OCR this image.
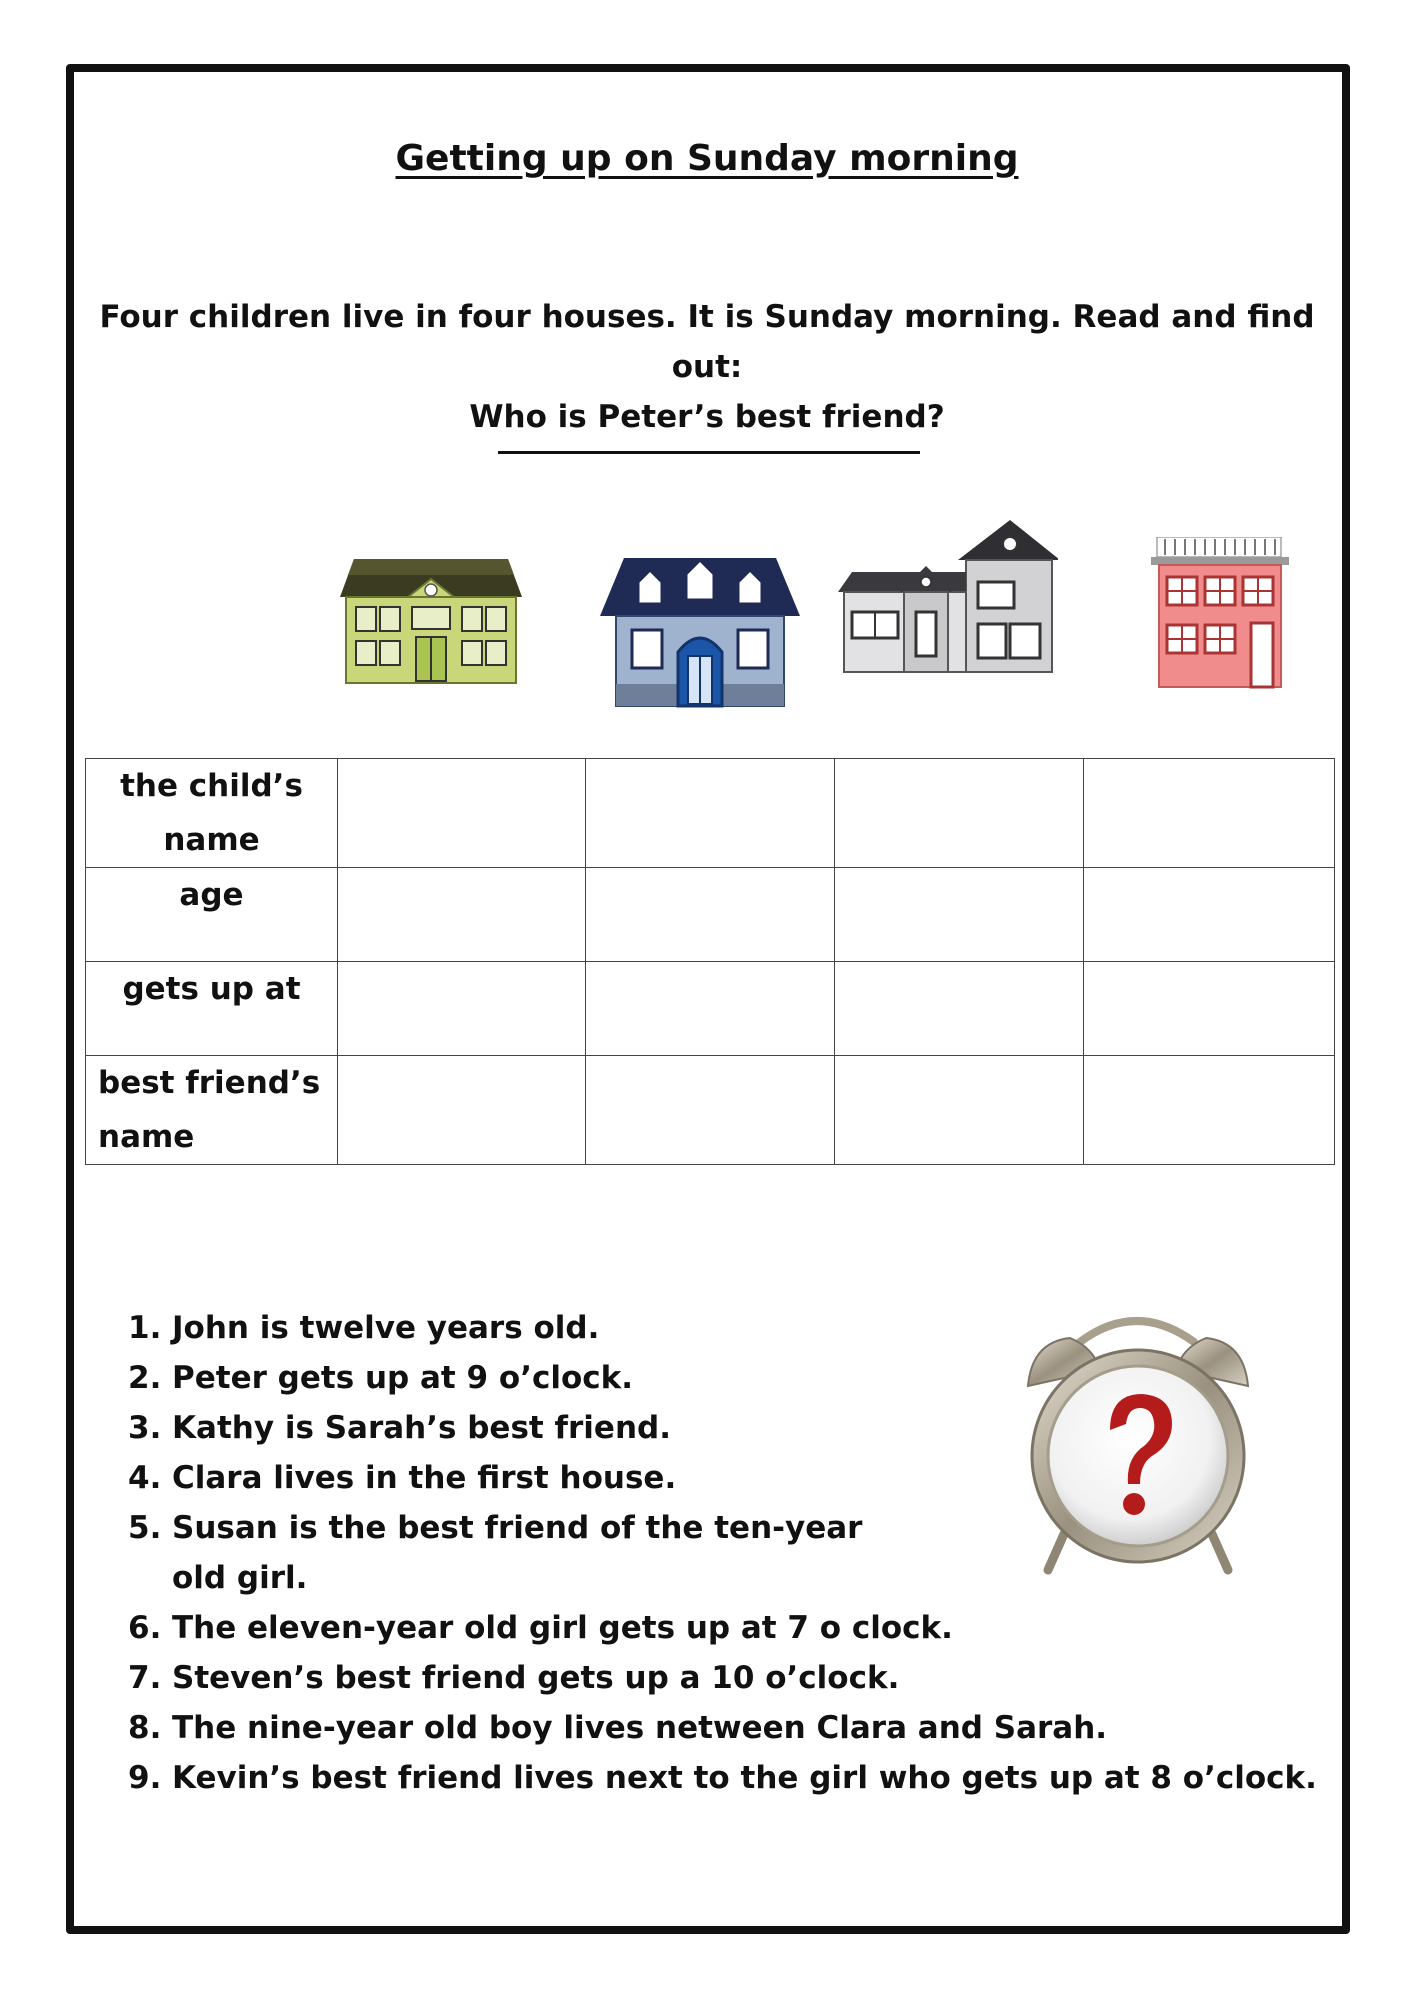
Getting up on Sunday morning
Four children live in four houses. It is Sunday morning. Read and find out:
Who is Peter’s best friend?
the child’s
name				

age				

gets up at				

best friend’s
name				

1. John is twelve years old.
2. Peter gets up at 9 o’clock.
3. Kathy is Sarah’s best friend.
4. Clara lives in the first house.
5. Susan is the best friend of the ten-year
old girl.
6. The eleven-year old girl gets up at 7 o clock.
7. Steven’s best friend gets up a 10 o’clock.
8. The nine-year old boy lives netween Clara and Sarah.
9. Kevin’s best friend lives next to the girl who gets up at 8 o’clock.
